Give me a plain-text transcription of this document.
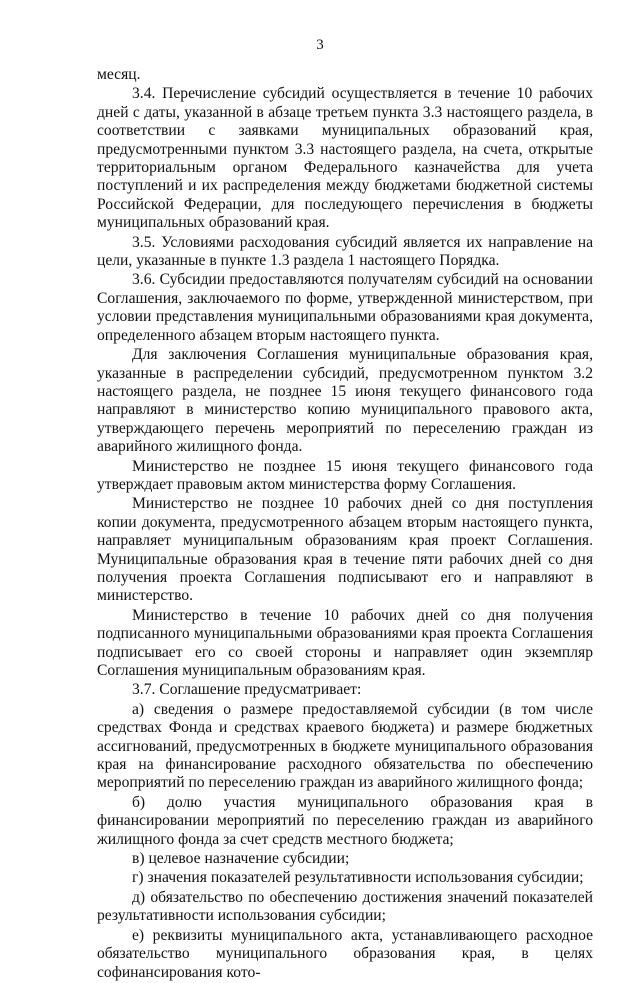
3

месяц.

3.4. Перечисление субсидий осуществляется в течение 10 рабочих дней с даты, указанной в абзаце третьем пункта 3.3 настоящего раздела, в соответствии с заявками муниципальных образований края, предусмотренными пунктом 3.3 настоящего раздела, на счета, открытые территориальным органом Федерального казначейства для учета поступлений и их распределения между бюджетами бюджетной системы Российской Федерации, для последующего перечисления в бюджеты муниципальных образований края.

3.5. Условиями расходования субсидий является их направление на цели, указанные в пункте 1.3 раздела 1 настоящего Порядка.

3.6. Субсидии предоставляются получателям субсидий на основании Соглашения, заключаемого по форме, утвержденной министерством, при условии представления муниципальными образованиями края документа, определенного абзацем вторым настоящего пункта.

Для заключения Соглашения муниципальные образования края, указанные в распределении субсидий, предусмотренном пунктом 3.2 настоящего раздела, не позднее 15 июня текущего финансового года направляют в министерство копию муниципального правового акта, утверждающего перечень мероприятий по переселению граждан из аварийного жилищного фонда.

Министерство не позднее 15 июня текущего финансового года утверждает правовым актом министерства форму Соглашения.

Министерство не позднее 10 рабочих дней со дня поступления копии документа, предусмотренного абзацем вторым настоящего пункта, направляет муниципальным образованиям края проект Соглашения. Муниципальные образования края в течение пяти рабочих дней со дня получения проекта Соглашения подписывают его и направляют в министерство.

Министерство в течение 10 рабочих дней со дня получения подписанного муниципальными образованиями края проекта Соглашения подписывает его со своей стороны и направляет один экземпляр Соглашения муниципальным образованиям края.

3.7. Соглашение предусматривает:

а) сведения о размере предоставляемой субсидии (в том числе средствах Фонда и средствах краевого бюджета) и размере бюджетных ассигнований, предусмотренных в бюджете муниципального образования края на финансирование расходного обязательства по обеспечению мероприятий по переселению граждан из аварийного жилищного фонда;

б) долю участия муниципального образования края в финансировании мероприятий по переселению граждан из аварийного жилищного фонда за счет средств местного бюджета;

в) целевое назначение субсидии;

г) значения показателей результативности использования субсидии;

д) обязательство по обеспечению достижения значений показателей результативности использования субсидии;

е) реквизиты муниципального акта, устанавливающего расходное обязательство муниципального образования края, в целях софинансирования кото-
